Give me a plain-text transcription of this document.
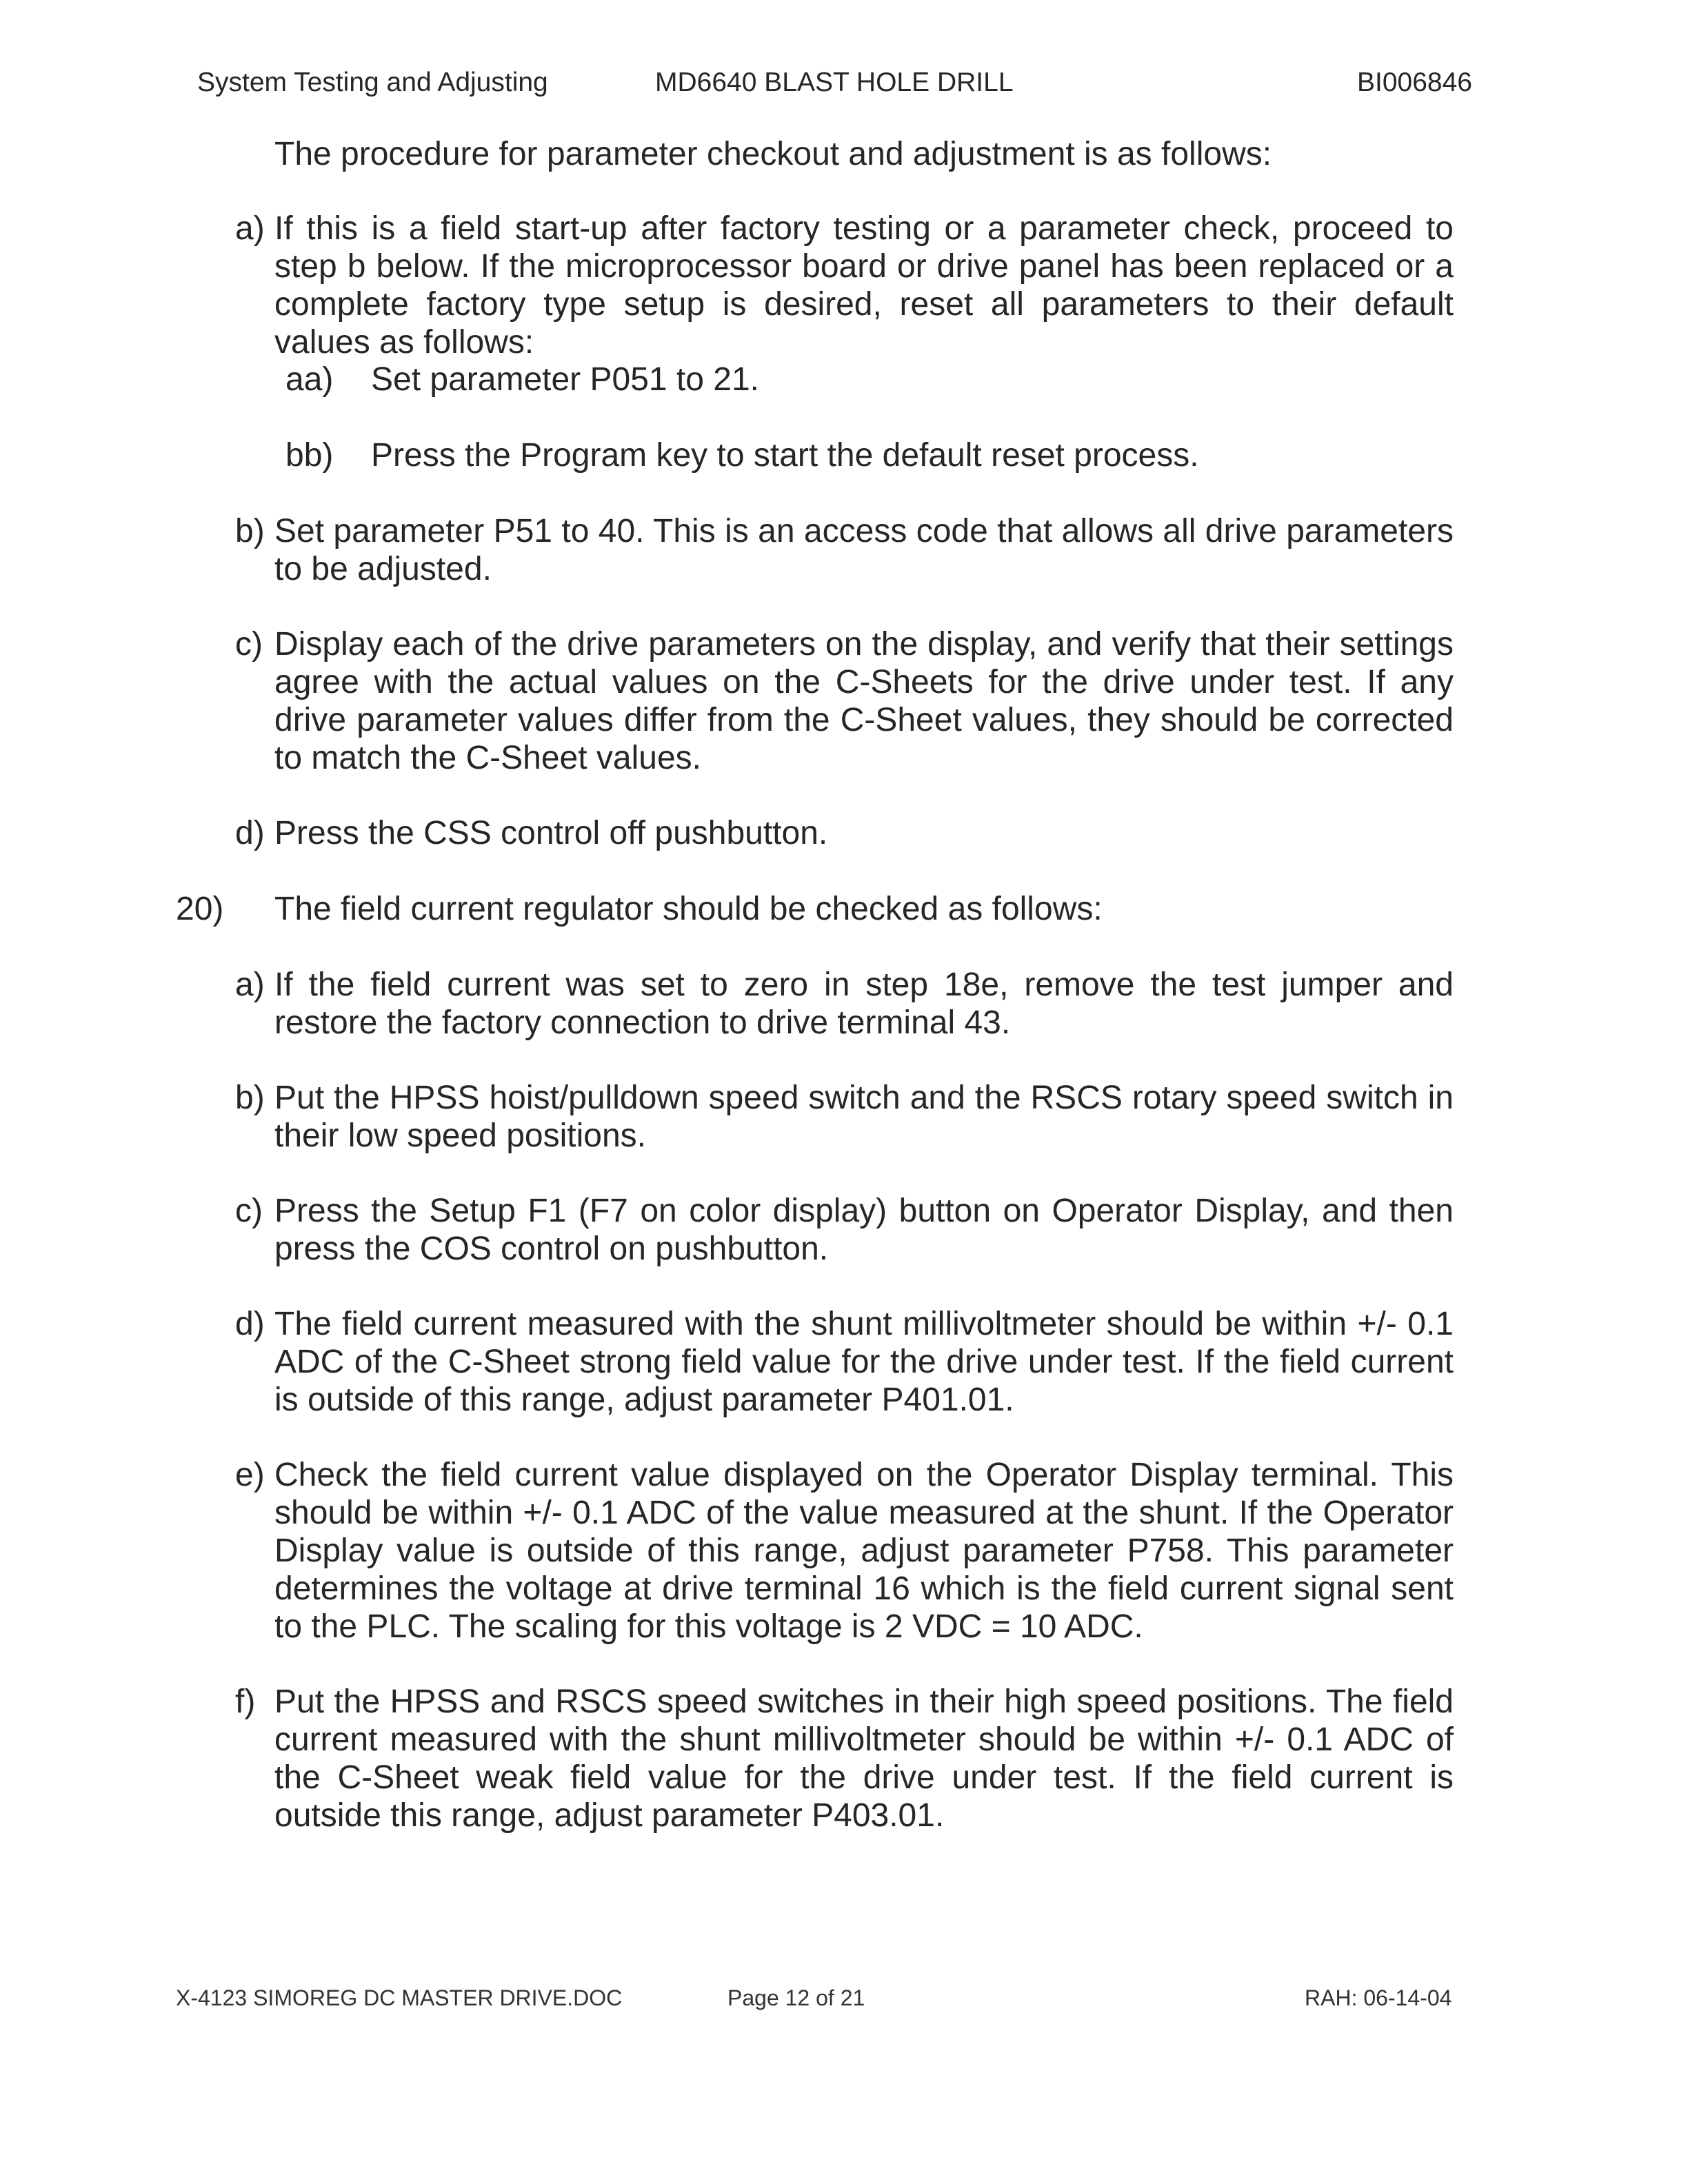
System Testing and Adjusting	MD6640 BLAST HOLE DRILL	BI006846
The procedure for parameter checkout and adjustment is as follows:
a) If this is a field start-up after factory testing or a parameter check, proceed to step b below. If the microprocessor board or drive panel has been replaced or a complete factory type setup is desired, reset all parameters to their default values as follows:
aa) Set parameter P051 to 21.
bb) Press the Program key to start the default reset process.
b) Set parameter P51 to 40. This is an access code that allows all drive parameters to be adjusted.
c) Display each of the drive parameters on the display, and verify that their settings agree with the actual values on the C-Sheets for the drive under test. If any drive parameter values differ from the C-Sheet values, they should be corrected to match the C-Sheet values.
d) Press the CSS control off pushbutton.
20) The field current regulator should be checked as follows:
a) If the field current was set to zero in step 18e, remove the test jumper and restore the factory connection to drive terminal 43.
b) Put the HPSS hoist/pulldown speed switch and the RSCS rotary speed switch in their low speed positions.
c) Press the Setup F1 (F7 on color display) button on Operator Display, and then press the COS control on pushbutton.
d) The field current measured with the shunt millivoltmeter should be within +/- 0.1 ADC of the C-Sheet strong field value for the drive under test. If the field current is outside of this range, adjust parameter P401.01.
e) Check the field current value displayed on the Operator Display terminal. This should be within +/- 0.1 ADC of the value measured at the shunt. If the Operator Display value is outside of this range, adjust parameter P758. This parameter determines the voltage at drive terminal 16 which is the field current signal sent to the PLC. The scaling for this voltage is 2 VDC = 10 ADC.
f) Put the HPSS and RSCS speed switches in their high speed positions. The field current measured with the shunt millivoltmeter should be within +/- 0.1 ADC of the C-Sheet weak field value for the drive under test. If the field current is outside this range, adjust parameter P403.01.
X-4123 SIMOREG DC MASTER DRIVE.DOC	Page 12 of 21	RAH: 06-14-04
